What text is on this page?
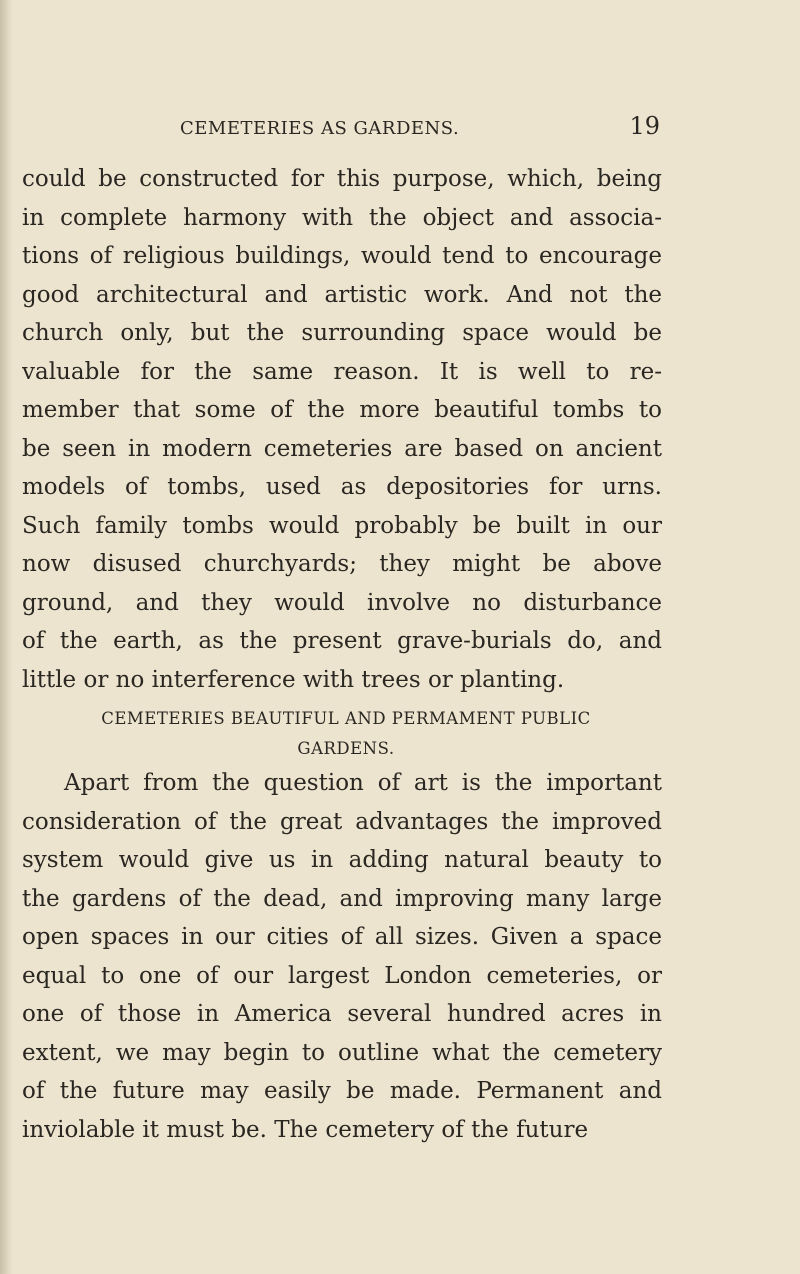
CEMETERIES AS GARDENS.	19
could be constructed for this purpose, which, being
in complete harmony with the object and associa-
tions of religious buildings, would tend to encourage
good architectural and artistic work. And not the
church only, but the surrounding space would be
valuable for the same reason. It is well to re-
member that some of the more beautiful tombs to
be seen in modern cemeteries are based on ancient
models of tombs, used as depositories for urns.
Such family tombs would probably be built in our
now disused churchyards; they might be above
ground, and they would involve no disturbance
of the earth, as the present grave-burials do, and
little or no interference with trees or planting.
CEMETERIES BEAUTIFUL AND PERMAMENT PUBLIC
GARDENS.
Apart from the question of art is the important
consideration of the great advantages the improved
system would give us in adding natural beauty to
the gardens of the dead, and improving many large
open spaces in our cities of all sizes. Given a space
equal to one of our largest London cemeteries, or
one of those in America several hundred acres in
extent, we may begin to outline what the cemetery
of the future may easily be made. Permanent and
inviolable it must be. The cemetery of the future
